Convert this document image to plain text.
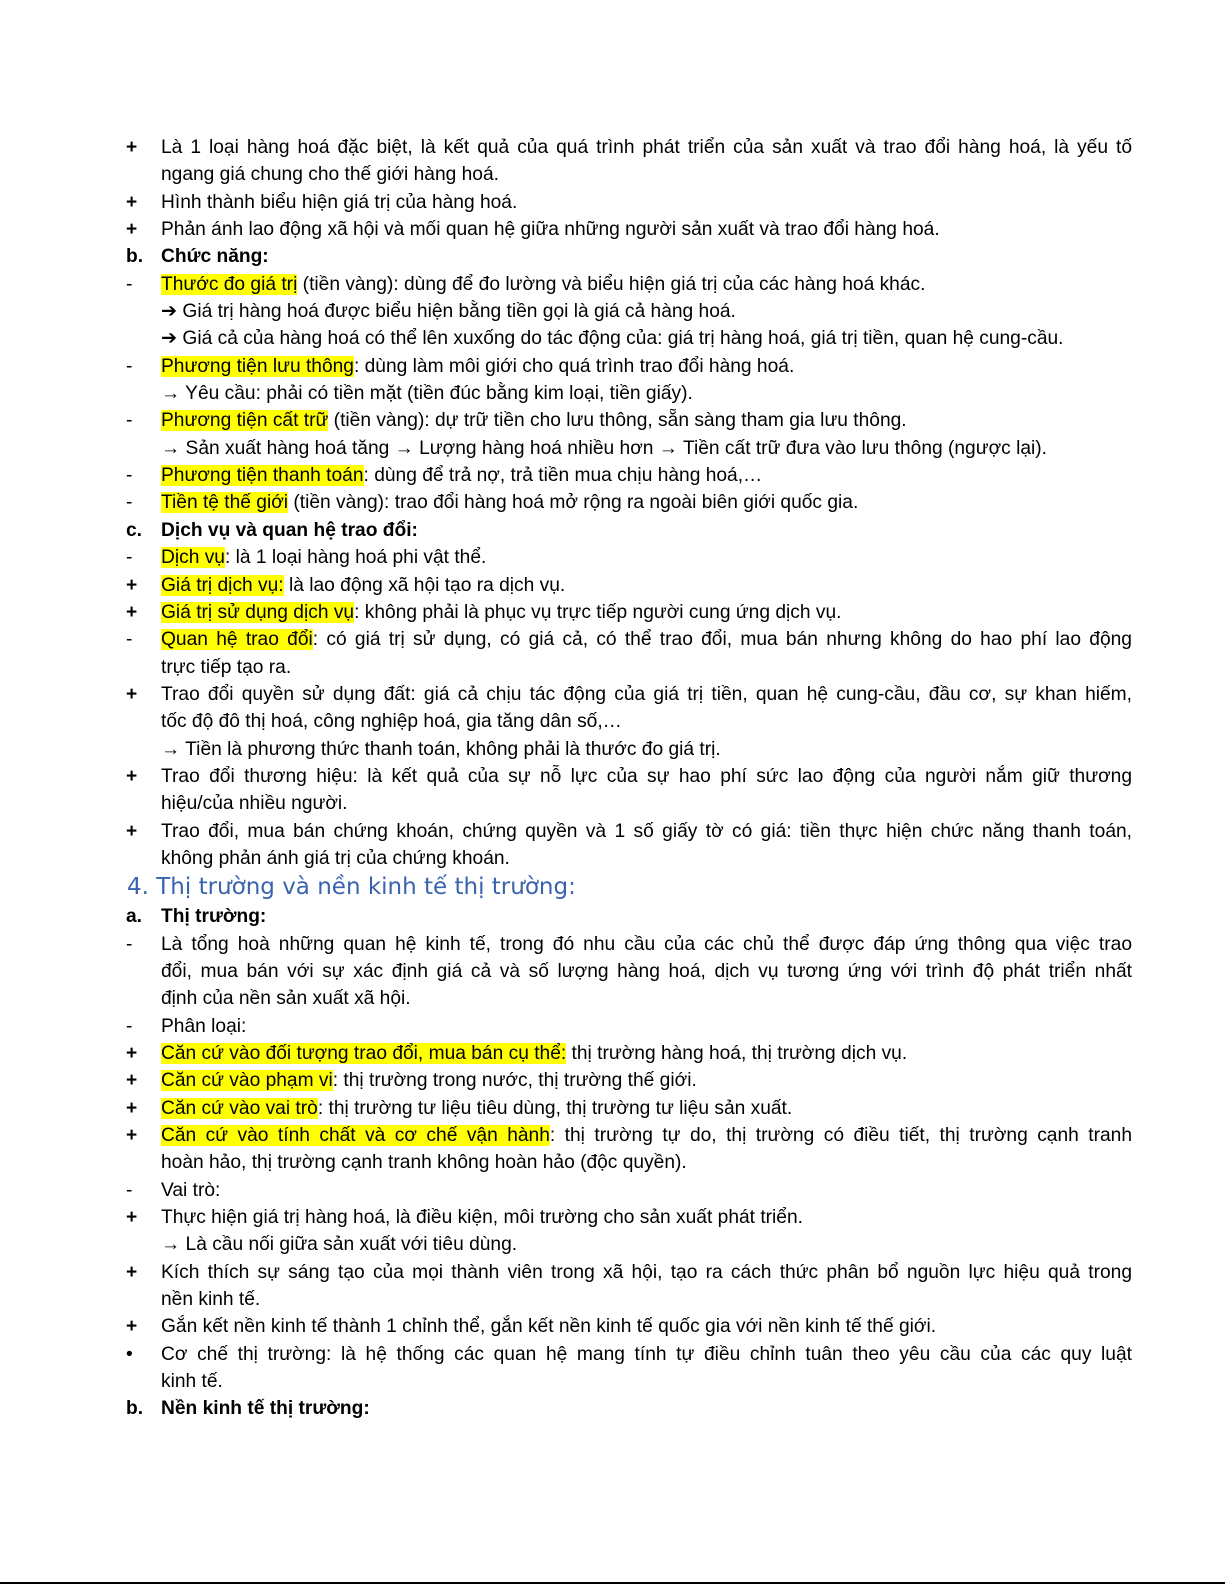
+ Là 1 loại hàng hoá đặc biệt, là kết quả của quá trình phát triển của sản xuất và trao đổi hàng hoá, là yếu tố
ngang giá chung cho thế giới hàng hoá.
+ Hình thành biểu hiện giá trị của hàng hoá.
+ Phản ánh lao động xã hội và mối quan hệ giữa những người sản xuất và trao đổi hàng hoá.
b. Chức năng:
- Thước đo giá trị (tiền vàng): dùng để đo lường và biểu hiện giá trị của các hàng hoá khác.
➔ Giá trị hàng hoá được biểu hiện bằng tiền gọi là giá cả hàng hoá.
➔ Giá cả của hàng hoá có thể lên xuxống do tác động của: giá trị hàng hoá, giá trị tiền, quan hệ cung-cầu.
- Phương tiện lưu thông: dùng làm môi giới cho quá trình trao đổi hàng hoá.
→ Yêu cầu: phải có tiền mặt (tiền đúc bằng kim loại, tiền giấy).
- Phương tiện cất trữ (tiền vàng): dự trữ tiền cho lưu thông, sẵn sàng tham gia lưu thông.
→ Sản xuất hàng hoá tăng → Lượng hàng hoá nhiều hơn → Tiền cất trữ đưa vào lưu thông (ngược lại).
- Phương tiện thanh toán: dùng để trả nợ, trả tiền mua chịu hàng hoá,…
- Tiền tệ thế giới (tiền vàng): trao đổi hàng hoá mở rộng ra ngoài biên giới quốc gia.
c. Dịch vụ và quan hệ trao đổi:
- Dịch vụ: là 1 loại hàng hoá phi vật thể.
+ Giá trị dịch vụ: là lao động xã hội tạo ra dịch vụ.
+ Giá trị sử dụng dịch vụ: không phải là phục vụ trực tiếp người cung ứng dịch vụ.
- Quan hệ trao đổi: có giá trị sử dụng, có giá cả, có thể trao đổi, mua bán nhưng không do hao phí lao động
trực tiếp tạo ra.
+ Trao đổi quyền sử dụng đất: giá cả chịu tác động của giá trị tiền, quan hệ cung-cầu, đầu cơ, sự khan hiếm,
tốc độ đô thị hoá, công nghiệp hoá, gia tăng dân số,…
→ Tiền là phương thức thanh toán, không phải là thước đo giá trị.
+ Trao đổi thương hiệu: là kết quả của sự nỗ lực của sự hao phí sức lao động của người nắm giữ thương
hiệu/của nhiều người.
+ Trao đổi, mua bán chứng khoán, chứng quyền và 1 số giấy tờ có giá: tiền thực hiện chức năng thanh toán,
không phản ánh giá trị của chứng khoán.
4. Thị trường và nền kinh tế thị trường:
a. Thị trường:
- Là tổng hoà những quan hệ kinh tế, trong đó nhu cầu của các chủ thể được đáp ứng thông qua việc trao
đổi, mua bán với sự xác định giá cả và số lượng hàng hoá, dịch vụ tương ứng với trình độ phát triển nhất
định của nền sản xuất xã hội.
- Phân loại:
+ Căn cứ vào đối tượng trao đổi, mua bán cụ thể: thị trường hàng hoá, thị trường dịch vụ.
+ Căn cứ vào phạm vi: thị trường trong nước, thị trường thế giới.
+ Căn cứ vào vai trò: thị trường tư liệu tiêu dùng, thị trường tư liệu sản xuất.
+ Căn cứ vào tính chất và cơ chế vận hành: thị trường tự do, thị trường có điều tiết, thị trường cạnh tranh
hoàn hảo, thị trường cạnh tranh không hoàn hảo (độc quyền).
- Vai trò:
+ Thực hiện giá trị hàng hoá, là điều kiện, môi trường cho sản xuất phát triển.
→ Là cầu nối giữa sản xuất với tiêu dùng.
+ Kích thích sự sáng tạo của mọi thành viên trong xã hội, tạo ra cách thức phân bổ nguồn lực hiệu quả trong
nền kinh tế.
+ Gắn kết nền kinh tế thành 1 chỉnh thể, gắn kết nền kinh tế quốc gia với nền kinh tế thế giới.
• Cơ chế thị trường: là hệ thống các quan hệ mang tính tự điều chỉnh tuân theo yêu cầu của các quy luật
kinh tế.
b. Nền kinh tế thị trường:
